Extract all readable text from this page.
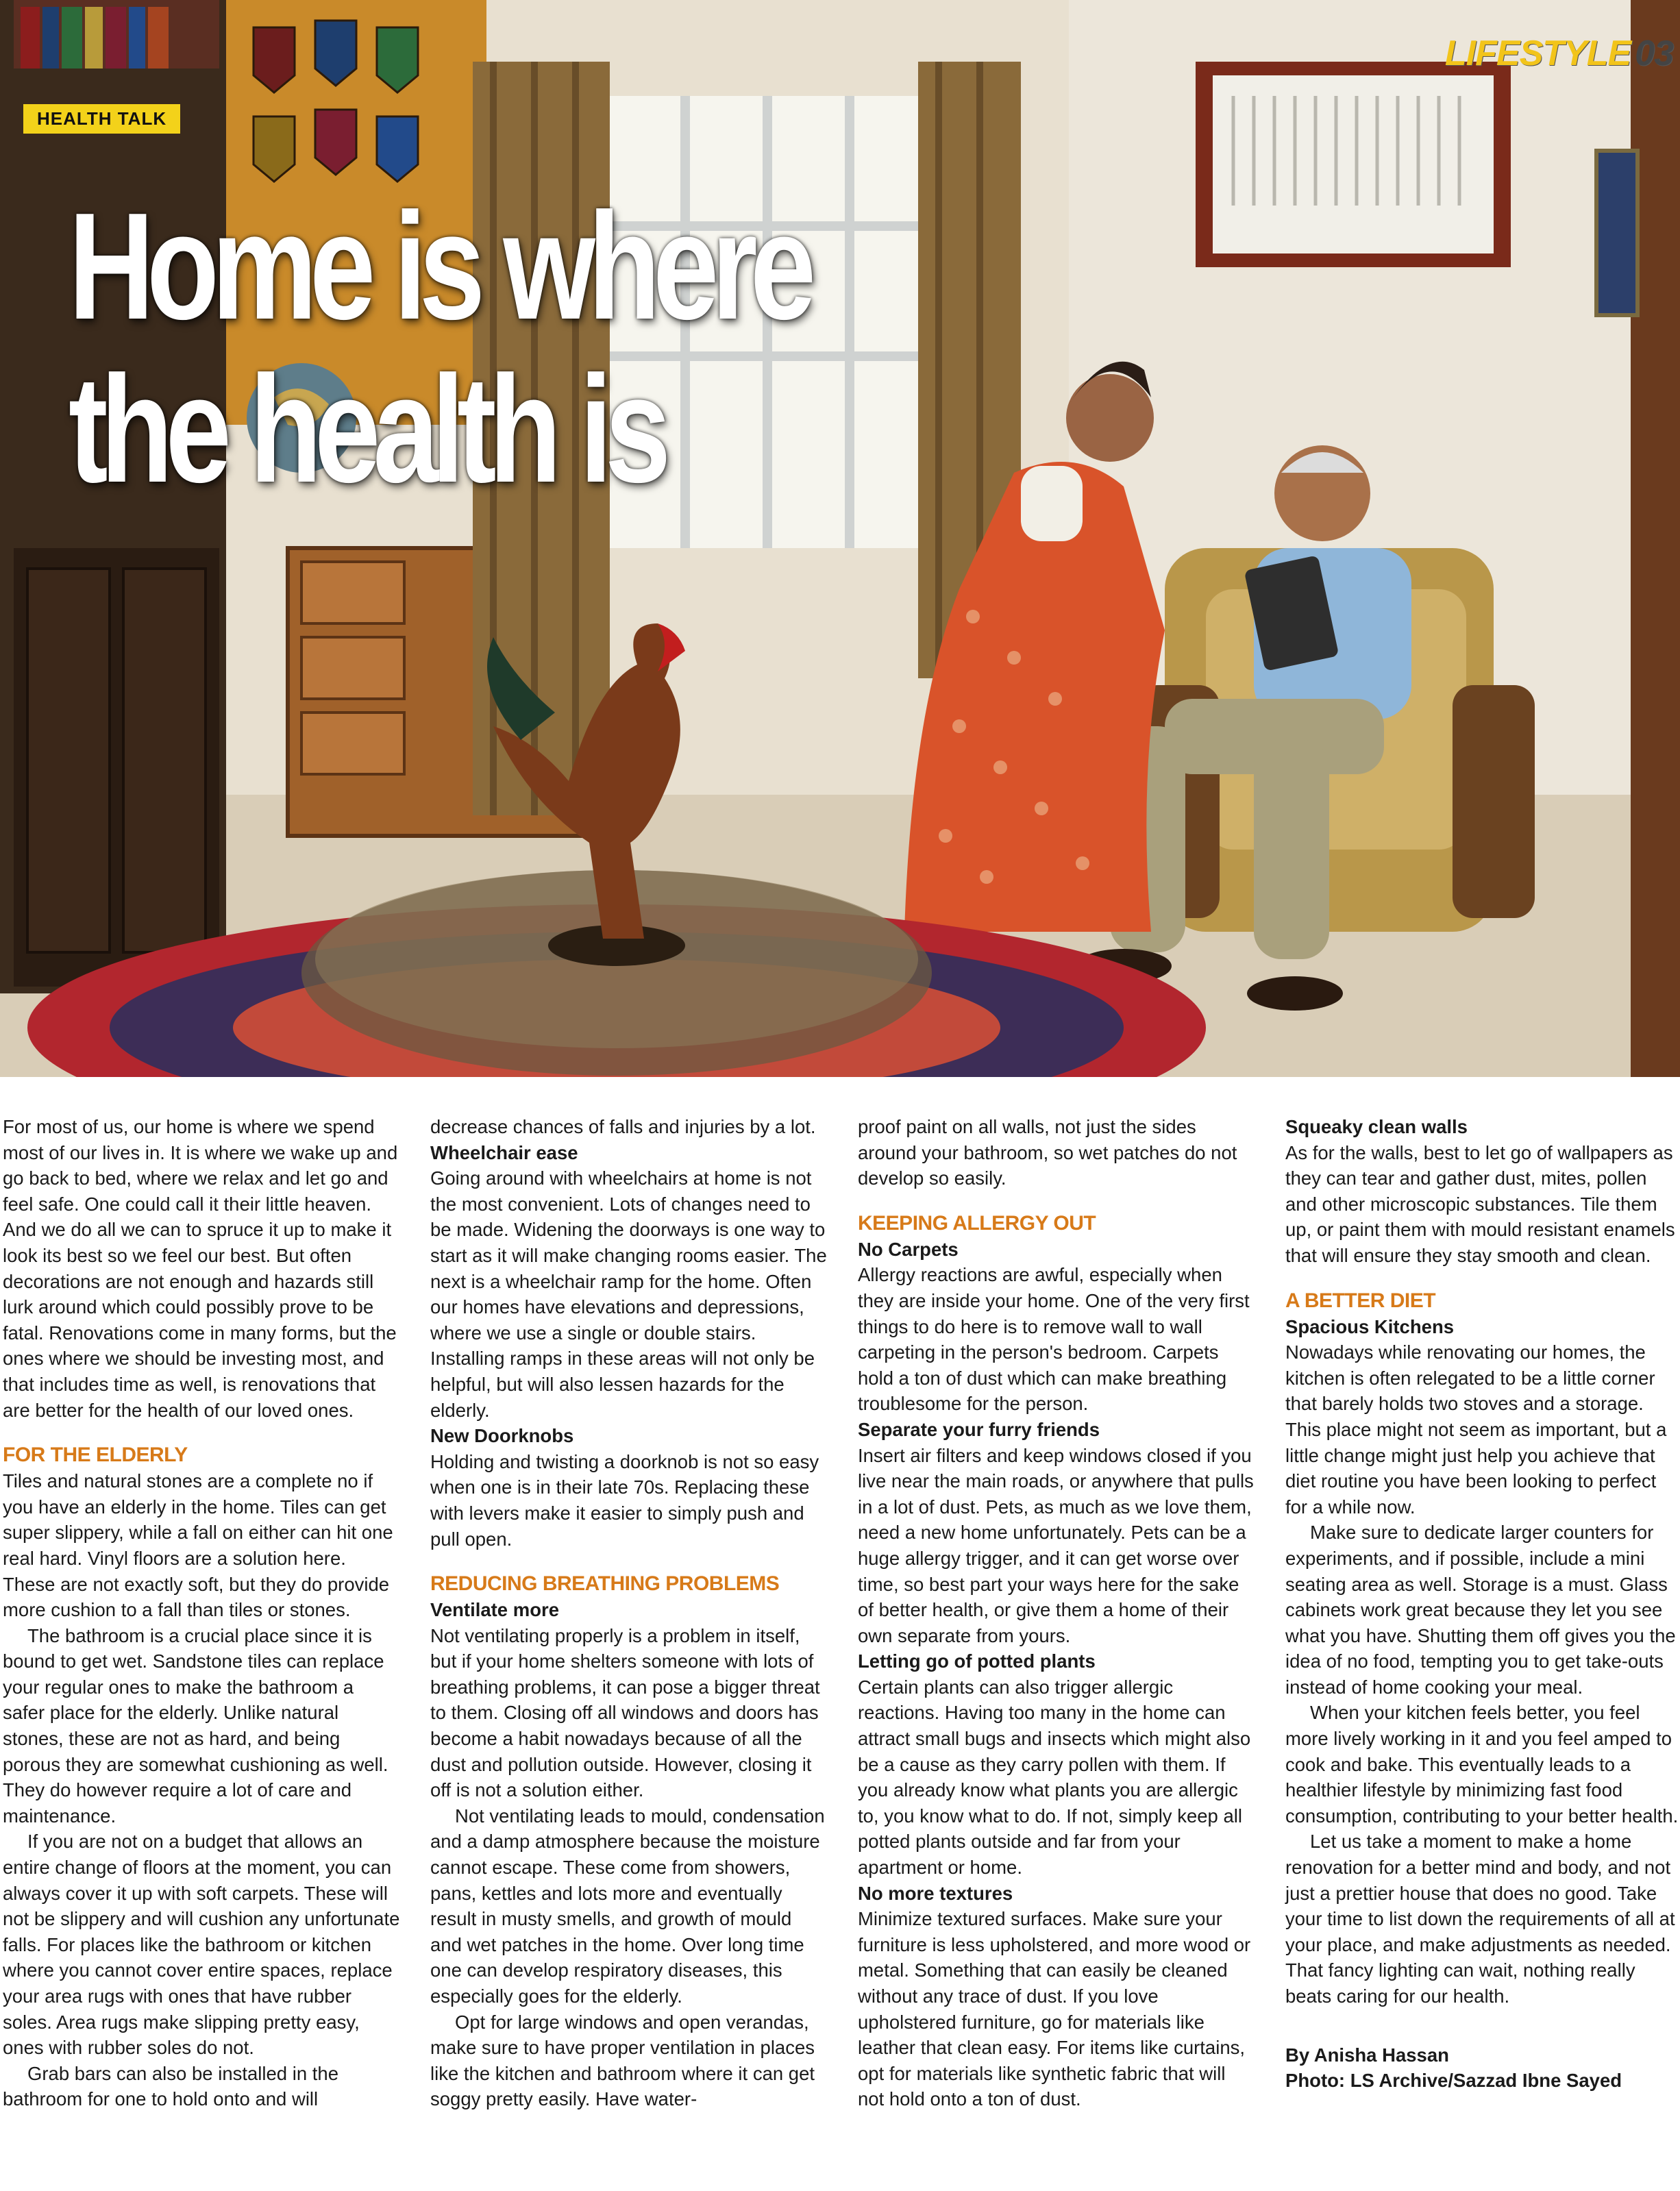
HEALTH TALK
Home is where
the health is
LIFESTYLE 03

For most of us, our home is where we spend most of our lives in. It is where we wake up and go back to bed, where we relax and let go and feel safe. One could call it their little heaven. And we do all we can to spruce it up to make it look its best so we feel our best. But often decorations are not enough and hazards still lurk around which could possibly prove to be fatal. Renovations come in many forms, but the ones where we should be investing most, and that includes time as well, is renovations that are better for the health of our loved ones.

FOR THE ELDERLY

Tiles and natural stones are a complete no if you have an elderly in the home. Tiles can get super slippery, while a fall on either can hit one real hard. Vinyl floors are a solution here. These are not exactly soft, but they do provide more cushion to a fall than tiles or stones.

The bathroom is a crucial place since it is bound to get wet. Sandstone tiles can replace your regular ones to make the bathroom a safer place for the elderly. Unlike natural stones, these are not as hard, and being porous they are somewhat cushioning as well. They do however require a lot of care and maintenance.

If you are not on a budget that allows an entire change of floors at the moment, you can always cover it up with soft carpets. These will not be slippery and will cushion any unfortunate falls. For places like the bathroom or kitchen where you cannot cover entire spaces, replace your area rugs with ones that have rubber soles. Area rugs make slipping pretty easy, ones with rubber soles do not.

Grab bars can also be installed in the bathroom for one to hold onto and will

decrease chances of falls and injuries by a lot.

Wheelchair ease

Going around with wheelchairs at home is not the most convenient. Lots of changes need to be made. Widening the doorways is one way to start as it will make changing rooms easier. The next is a wheelchair ramp for the home. Often our homes have elevations and depressions, where we use a single or double stairs. Installing ramps in these areas will not only be helpful, but will also lessen hazards for the elderly.

New Doorknobs

Holding and twisting a doorknob is not so easy when one is in their late 70s. Replacing these with levers make it easier to simply push and pull open.

REDUCING BREATHING PROBLEMS
Ventilate more

Not ventilating properly is a problem in itself, but if your home shelters someone with lots of breathing problems, it can pose a bigger threat to them. Closing off all windows and doors has become a habit nowadays because of all the dust and pollution outside. However, closing it off is not a solution either.

Not ventilating leads to mould, condensation and a damp atmosphere because the moisture cannot escape. These come from showers, pans, kettles and lots more and eventually result in musty smells, and growth of mould and wet patches in the home. Over long time one can develop respiratory diseases, this especially goes for the elderly.

Opt for large windows and open verandas, make sure to have proper ventilation in places like the kitchen and bathroom where it can get soggy pretty easily. Have water-

proof paint on all walls, not just the sides around your bathroom, so wet patches do not develop so easily.

KEEPING ALLERGY OUT
No Carpets

Allergy reactions are awful, especially when they are inside your home. One of the very first things to do here is to remove wall to wall carpeting in the person's bedroom. Carpets hold a ton of dust which can make breathing troublesome for the person.

Separate your furry friends

Insert air filters and keep windows closed if you live near the main roads, or anywhere that pulls in a lot of dust. Pets, as much as we love them, need a new home unfortunately. Pets can be a huge allergy trigger, and it can get worse over time, so best part your ways here for the sake of better health, or give them a home of their own separate from yours.

Letting go of potted plants

Certain plants can also trigger allergic reactions. Having too many in the home can attract small bugs and insects which might also be a cause as they carry pollen with them. If you already know what plants you are allergic to, you know what to do. If not, simply keep all potted plants outside and far from your apartment or home.

No more textures

Minimize textured surfaces. Make sure your furniture is less upholstered, and more wood or metal. Something that can easily be cleaned without any trace of dust. If you love upholstered furniture, go for materials like leather that clean easy. For items like curtains, opt for materials like synthetic fabric that will not hold onto a ton of dust.

Squeaky clean walls

As for the walls, best to let go of wallpapers as they can tear and gather dust, mites, pollen and other microscopic substances. Tile them up, or paint them with mould resistant enamels that will ensure they stay smooth and clean.

A BETTER DIET
Spacious Kitchens

Nowadays while renovating our homes, the kitchen is often relegated to be a little corner that barely holds two stoves and a storage. This place might not seem as important, but a little change might just help you achieve that diet routine you have been looking to perfect for a while now.

Make sure to dedicate larger counters for experiments, and if possible, include a mini seating area as well. Storage is a must. Glass cabinets work great because they let you see what you have. Shutting them off gives you the idea of no food, tempting you to get take-outs instead of home cooking your meal.

When your kitchen feels better, you feel more lively working in it and you feel amped to cook and bake. This eventually leads to a healthier lifestyle by minimizing fast food consumption, contributing to your better health.

Let us take a moment to make a home renovation for a better mind and body, and not just a prettier house that does no good. Take your time to list down the requirements of all at your place, and make adjustments as needed. That fancy lighting can wait, nothing really beats caring for our health.

By Anisha Hassan

Photo: LS Archive/Sazzad Ibne Sayed
